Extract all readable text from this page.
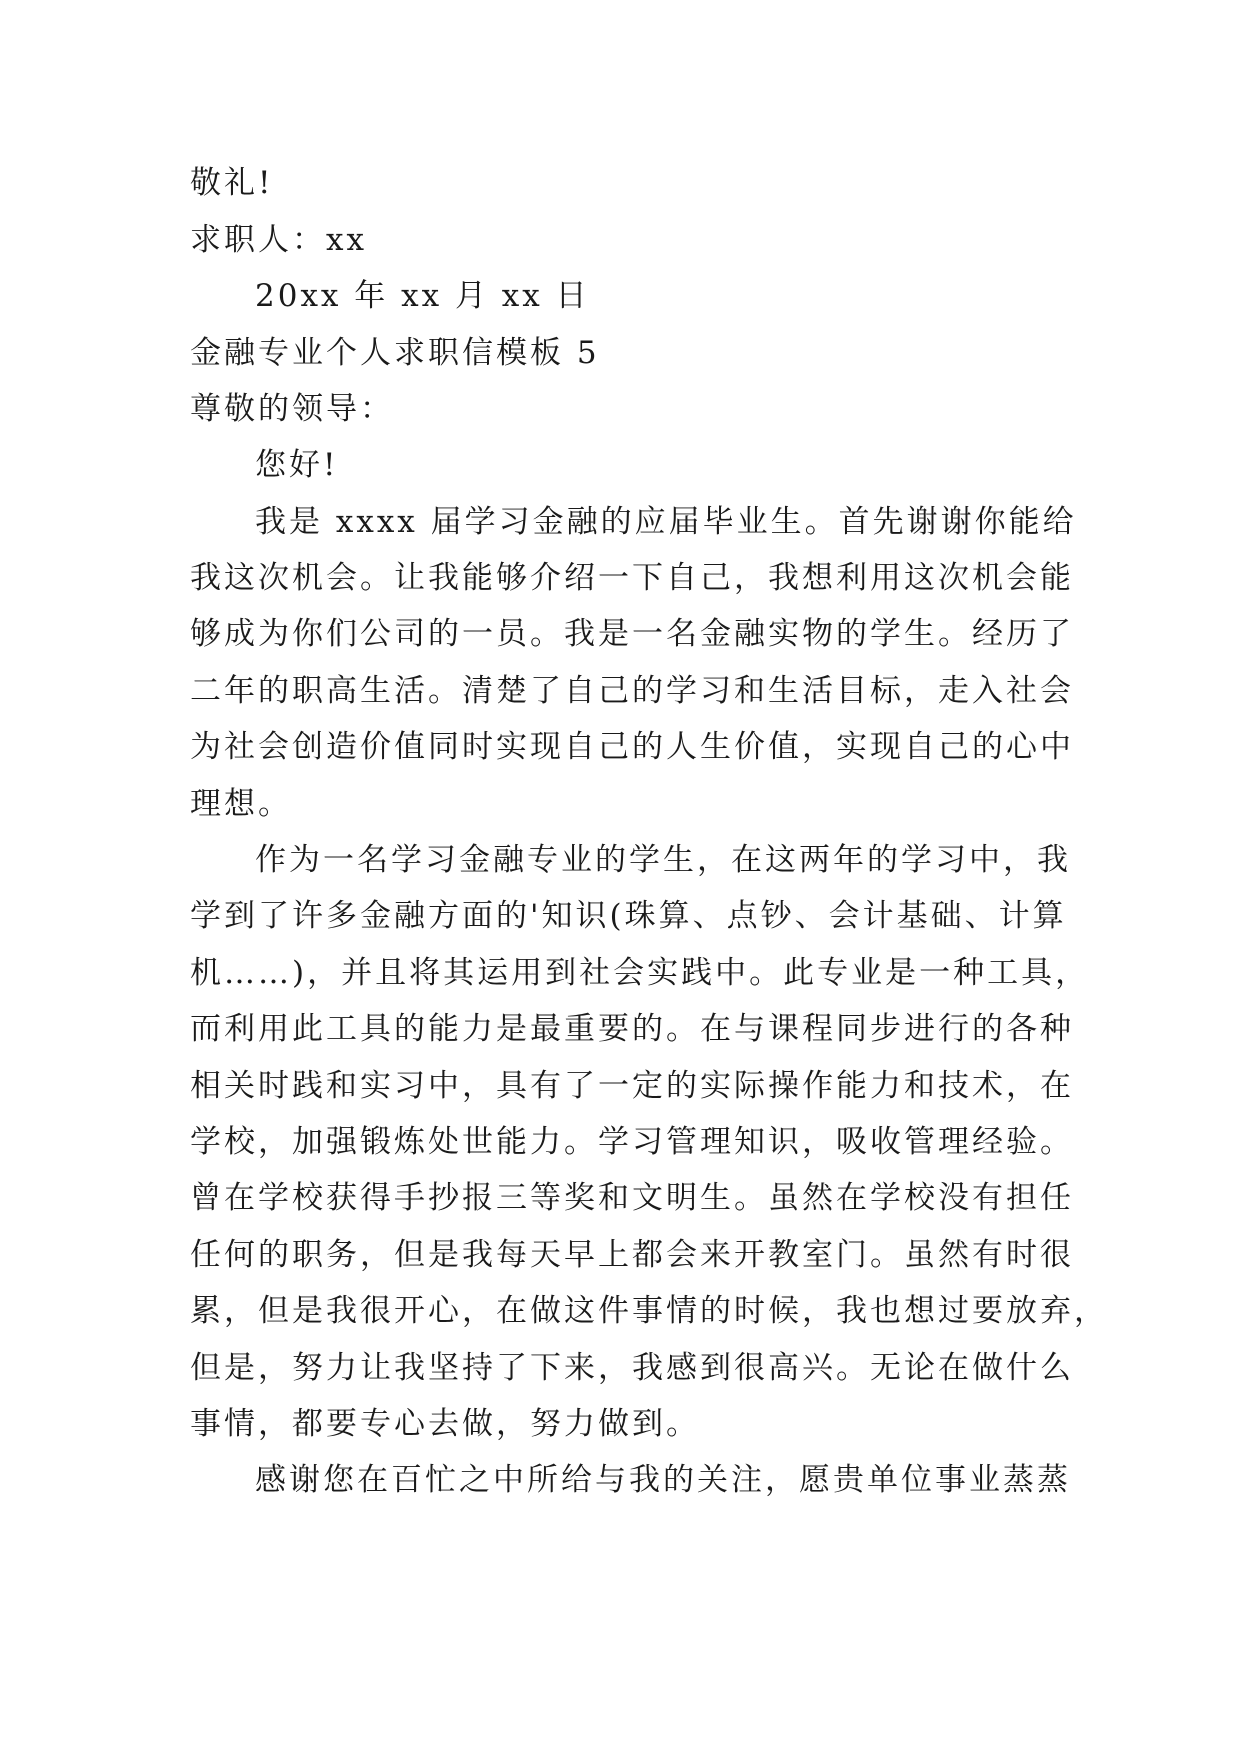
敬礼!
求职人：xx
20xx 年 xx 月 xx 日
金融专业个人求职信模板 5
尊敬的领导：
您好!
我是 xxxx 届学习金融的应届毕业生。首先谢谢你能给
我这次机会。让我能够介绍一下自己，我想利用这次机会能
够成为你们公司的一员。我是一名金融实物的学生。经历了
二年的职高生活。清楚了自己的学习和生活目标，走入社会
为社会创造价值同时实现自己的人生价值，实现自己的心中
理想。
作为一名学习金融专业的学生，在这两年的学习中，我
学到了许多金融方面的'知识(珠算、点钞、会计基础、计算
机……)，并且将其运用到社会实践中。此专业是一种工具，
而利用此工具的能力是最重要的。在与课程同步进行的各种
相关时践和实习中，具有了一定的实际操作能力和技术，在
学校，加强锻炼处世能力。学习管理知识，吸收管理经验。
曾在学校获得手抄报三等奖和文明生。虽然在学校没有担任
任何的职务，但是我每天早上都会来开教室门。虽然有时很
累，但是我很开心，在做这件事情的时候，我也想过要放弃，
但是，努力让我坚持了下来，我感到很高兴。无论在做什么
事情，都要专心去做，努力做到。
感谢您在百忙之中所给与我的关注，愿贵单位事业蒸蒸
